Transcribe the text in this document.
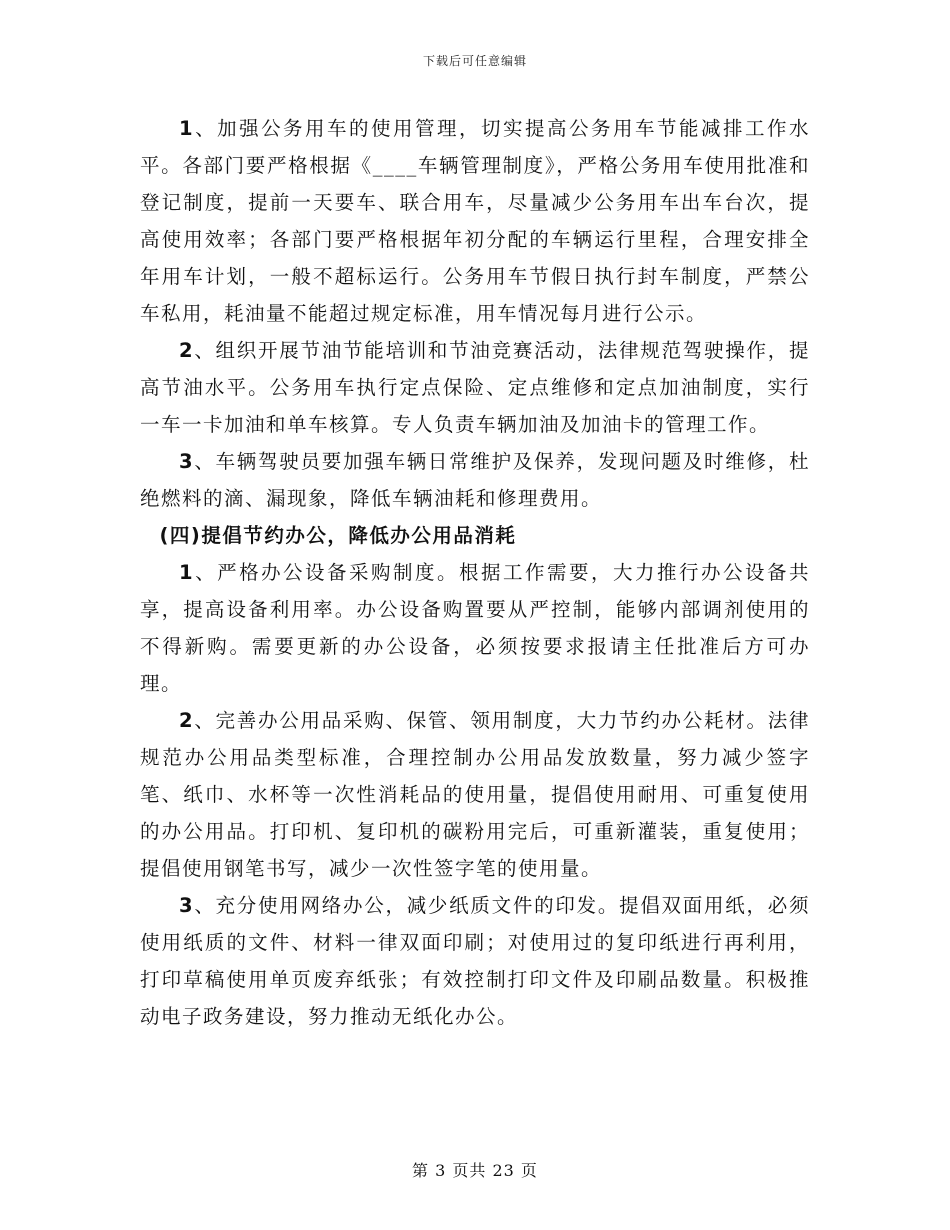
下载后可任意编辑

1、加强公务用车的使用管理，切实提高公务用车节能减排工作水平。各部门要严格根据《____车辆管理制度》，严格公务用车使用批准和登记制度，提前一天要车、联合用车，尽量减少公务用车出车台次，提高使用效率；各部门要严格根据年初分配的车辆运行里程，合理安排全年用车计划，一般不超标运行。公务用车节假日执行封车制度，严禁公车私用，耗油量不能超过规定标准，用车情况每月进行公示。

2、组织开展节油节能培训和节油竞赛活动，法律规范驾驶操作，提高节油水平。公务用车执行定点保险、定点维修和定点加油制度，实行一车一卡加油和单车核算。专人负责车辆加油及加油卡的管理工作。

3、车辆驾驶员要加强车辆日常维护及保养，发现问题及时维修，杜绝燃料的滴、漏现象，降低车辆油耗和修理费用。

(四)提倡节约办公，降低办公用品消耗

1、严格办公设备采购制度。根据工作需要，大力推行办公设备共享，提高设备利用率。办公设备购置要从严控制，能够内部调剂使用的不得新购。需要更新的办公设备，必须按要求报请主任批准后方可办理。

2、完善办公用品采购、保管、领用制度，大力节约办公耗材。法律规范办公用品类型标准，合理控制办公用品发放数量，努力减少签字笔、纸巾、水杯等一次性消耗品的使用量，提倡使用耐用、可重复使用的办公用品。打印机、复印机的碳粉用完后，可重新灌装，重复使用；提倡使用钢笔书写，减少一次性签字笔的使用量。

3、充分使用网络办公，减少纸质文件的印发。提倡双面用纸，必须使用纸质的文件、材料一律双面印刷；对使用过的复印纸进行再利用，打印草稿使用单页废弃纸张；有效控制打印文件及印刷品数量。积极推动电子政务建设，努力推动无纸化办公。

第 3 页共 23 页
